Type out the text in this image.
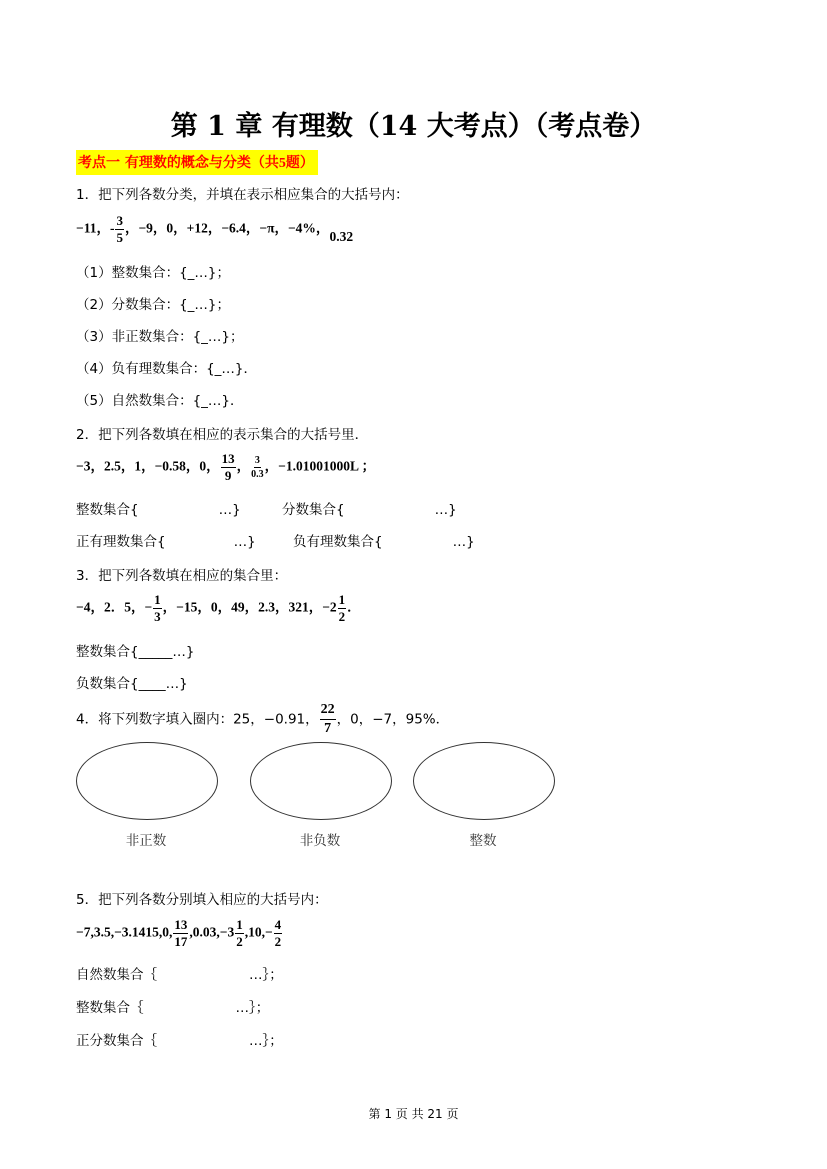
第 1 章 有理数（14 大考点）（考点卷）
考点一 有理数的概念与分类（共5题）
1．把下列各数分类，并填在表示相应集合的大括号内：
−11，- $\frac{3}{5}$ ，−9，0，+12，−6.4，−π，−4%，0.32
（1）整数集合：{_…}；
（2）分数集合：{_…}；
（3）非正数集合：{_…}；
（4）负有理数集合：{_…}．
（5）自然数集合：{_…}．
2．把下列各数填在相应的表示集合的大括号里．
−3，2.5，1，−0.58，0， $\frac{13}{9}$ ， $\frac{3}{0.3}$ ，−1.01001000L ；
整数集合{	…}	分数集合{	…}
正有理数集合{	…}	负有理数集合{	…}
3．把下列各数填在相应的集合里：
−4，2．5，− $\frac{1}{3}$ ，−15，0，49，2.3，321，$-2 \frac{1}{2}$ ．
整数集合{_____…}
负数集合{____…}
4．将下列数字填入圈内：25，−0.91， $\frac{22}{7}$ ，0，−7，95%．
非正数	非负数	整数
5．把下列各数分别填入相应的大括号内：
−7,3.5,−3.1415,0, $\frac{13}{17} ,0.03,-3 \frac{1}{2} ,10,- \frac{4}{2}$
自然数集合｛	…｝；
整数集合｛	…｝；
正分数集合｛	…｝；
第 1 页 共 21 页
